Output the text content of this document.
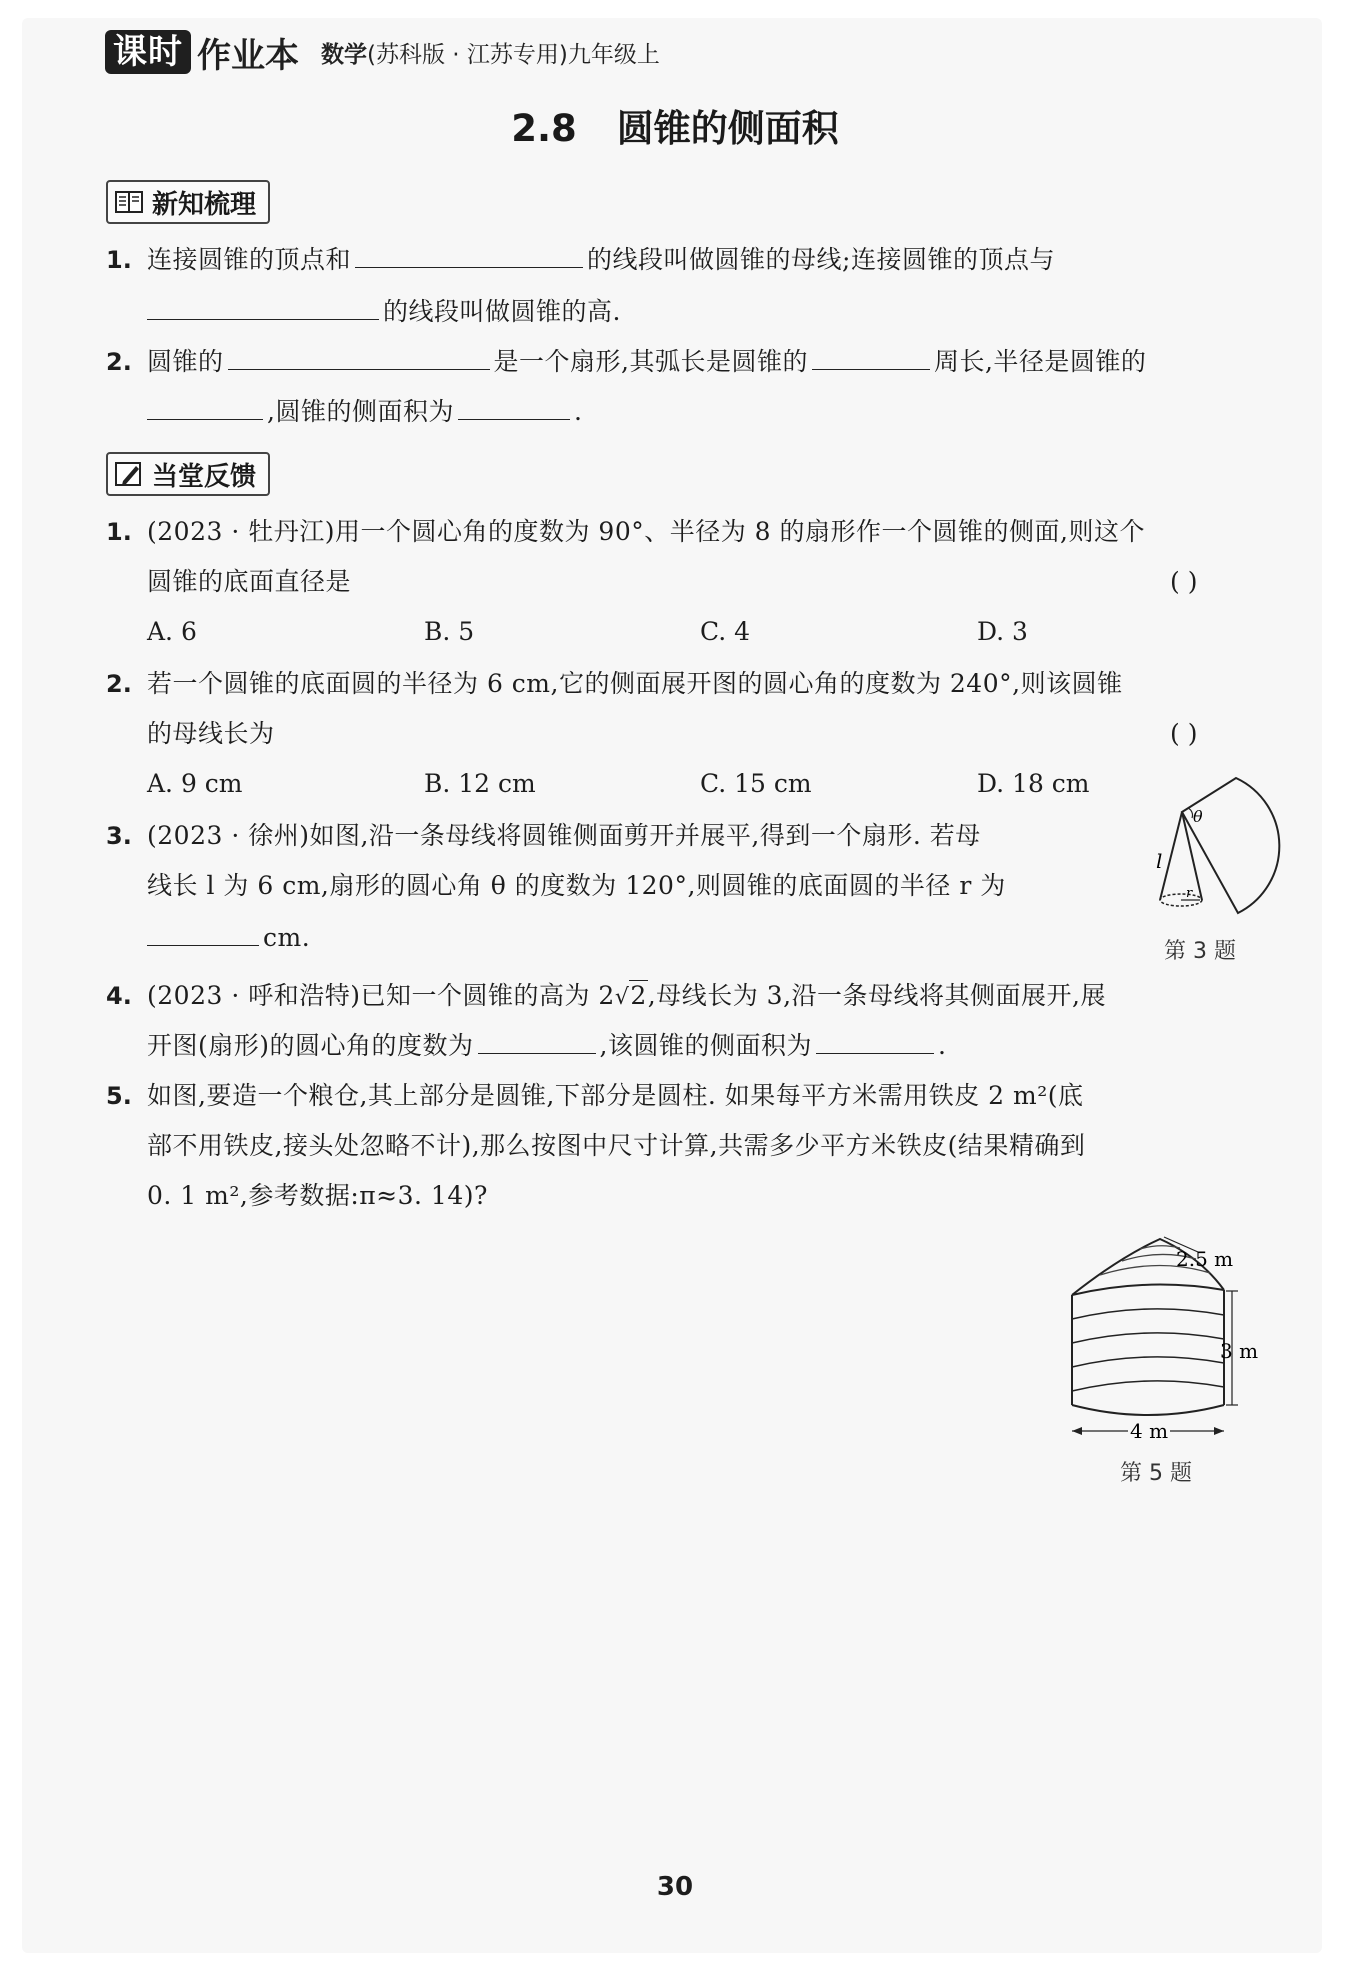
课时 作业本 数学(苏科版 · 江苏专用)九年级上
2.8 圆锥的侧面积
新知梳理
1. 连接圆锥的顶点和	的线段叫做圆锥的母线;连接圆锥的顶点与
的线段叫做圆锥的高.
2. 圆锥的	是一个扇形,其弧长是圆锥的	周长,半径是圆锥的
,圆锥的侧面积为	.
当堂反馈
1. (2023 · 牡丹江)用一个圆心角的度数为 90°、半径为 8 的扇形作一个圆锥的侧面,则这个
圆锥的底面直径是	( )
A. 6	B. 5	C. 4	D. 3
2. 若一个圆锥的底面圆的半径为 6 cm,它的侧面展开图的圆心角的度数为 240°,则该圆锥
的母线长为	( )
A. 9 cm	B. 12 cm	C. 15 cm	D. 18 cm
3. (2023 · 徐州)如图,沿一条母线将圆锥侧面剪开并展平,得到一个扇形. 若母
线长 l 为 6 cm,扇形的圆心角 θ 的度数为 120°,则圆锥的底面圆的半径 r 为
cm.
θ
l
r
第 3 题
4. (2023 · 呼和浩特)已知一个圆锥的高为 2√2,母线长为 3,沿一条母线将其侧面展开,展
开图(扇形)的圆心角的度数为	,该圆锥的侧面积为	.
5. 如图,要造一个粮仓,其上部分是圆锥,下部分是圆柱. 如果每平方米需用铁皮 2 m²(底
部不用铁皮,接头处忽略不计),那么按图中尺寸计算,共需多少平方米铁皮(结果精确到
0. 1 m²,参考数据:π≈3. 14)?
2.5 m
3 m
4 m
第 5 题
30
